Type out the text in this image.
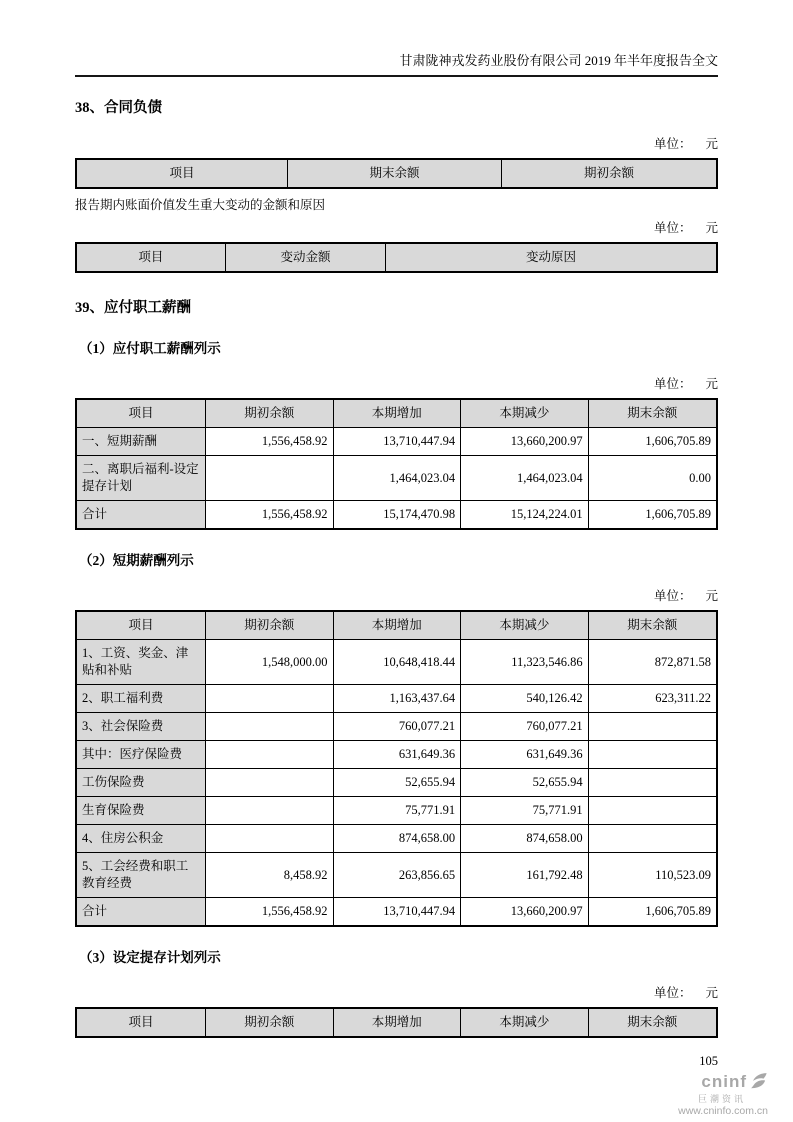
甘肃陇神戎发药业股份有限公司 2019 年半年度报告全文
38、合同负债
单位： 元
项目	期末余额	期初余额
报告期内账面价值发生重大变动的金额和原因
单位： 元
项目	变动金额	变动原因
39、应付职工薪酬
（1）应付职工薪酬列示
单位： 元
项目	期初余额	本期增加	本期减少	期末余额
一、短期薪酬	1,556,458.92	13,710,447.94	13,660,200.97	1,606,705.89
二、离职后福利-设定提存计划		1,464,023.04	1,464,023.04	0.00
合计	1,556,458.92	15,174,470.98	15,124,224.01	1,606,705.89
（2）短期薪酬列示
单位： 元
项目	期初余额	本期增加	本期减少	期末余额
1、工资、奖金、津贴和补贴	1,548,000.00	10,648,418.44	11,323,546.86	872,871.58
2、职工福利费		1,163,437.64	540,126.42	623,311.22
3、社会保险费		760,077.21	760,077.21	
其中：医疗保险费		631,649.36	631,649.36	
工伤保险费		52,655.94	52,655.94	
生育保险费		75,771.91	75,771.91	
4、住房公积金		874,658.00	874,658.00	
5、工会经费和职工教育经费	8,458.92	263,856.65	161,792.48	110,523.09
合计	1,556,458.92	13,710,447.94	13,660,200.97	1,606,705.89
（3）设定提存计划列示
单位： 元
项目	期初余额	本期增加	本期减少	期末余额
105
cninf
巨潮资讯
www.cninfo.com.cn
